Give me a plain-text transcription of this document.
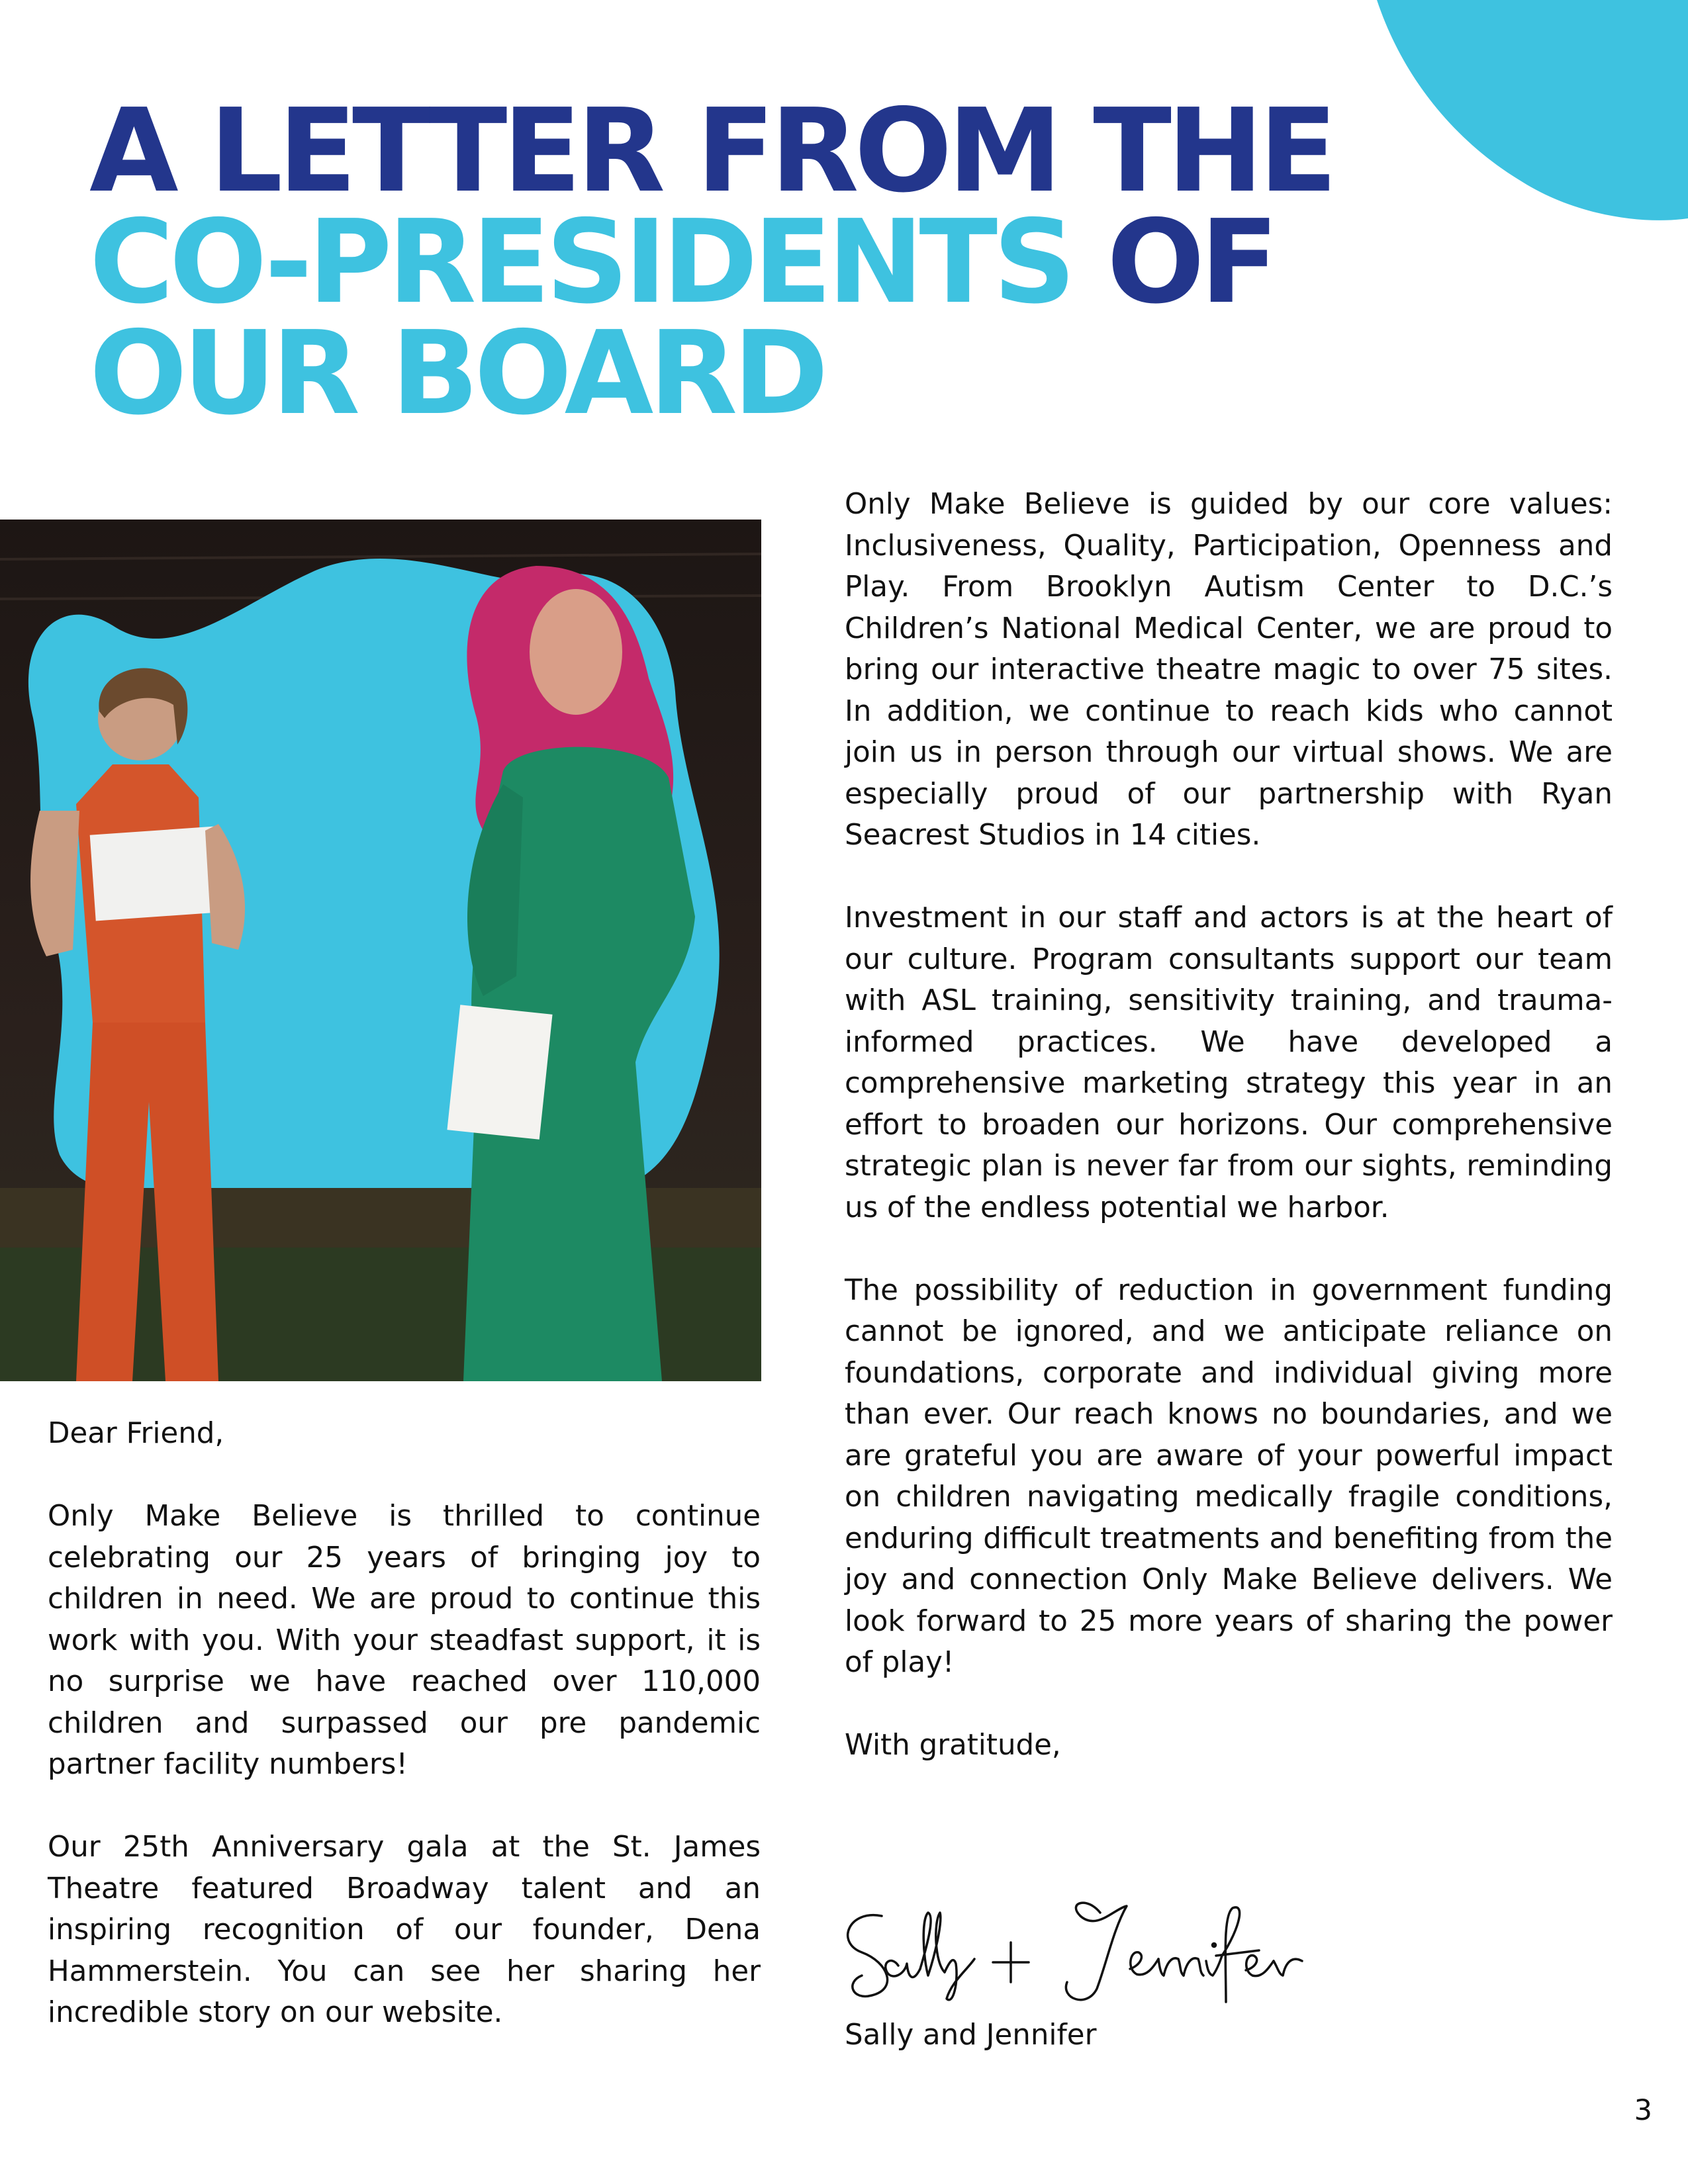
A LETTER FROM THE
CO-PRESIDENTS OF
OUR BOARD

Dear Friend,

Only Make Believe is thrilled to continue celebrating our 25 years of bringing joy to children in need. We are proud to continue this work with you. With your steadfast support, it is no surprise we have reached over 110,000 children and surpassed our pre pandemic partner facility numbers!

Our 25th Anniversary gala at the St. James Theatre featured Broadway talent and an inspiring recognition of our founder, Dena Hammerstein. You can see her sharing her incredible story on our website.

Only Make Believe is guided by our core values: Inclusiveness, Quality, Participation, Openness and Play. From Brooklyn Autism Center to D.C.’s Children’s National Medical Center, we are proud to bring our interactive theatre magic to over 75 sites. In addition, we continue to reach kids who cannot join us in person through our virtual shows. We are especially proud of our partnership with Ryan Seacrest Studios in 14 cities.

Investment in our staff and actors is at the heart of our culture. Program consultants support our team with ASL training, sensitivity training, and trauma-informed practices. We have developed a comprehensive marketing strategy this year in an effort to broaden our horizons. Our comprehensive strategic plan is never far from our sights, reminding us of the endless potential we harbor.

The possibility of reduction in government funding cannot be ignored, and we anticipate reliance on foundations, corporate and individual giving more than ever. Our reach knows no boundaries, and we are grateful you are aware of your powerful impact on children navigating medically fragile conditions, enduring difficult treatments and benefiting from the joy and connection Only Make Believe delivers. We look forward to 25 more years of sharing the power of play!

With gratitude,

Sally and Jennifer

3
